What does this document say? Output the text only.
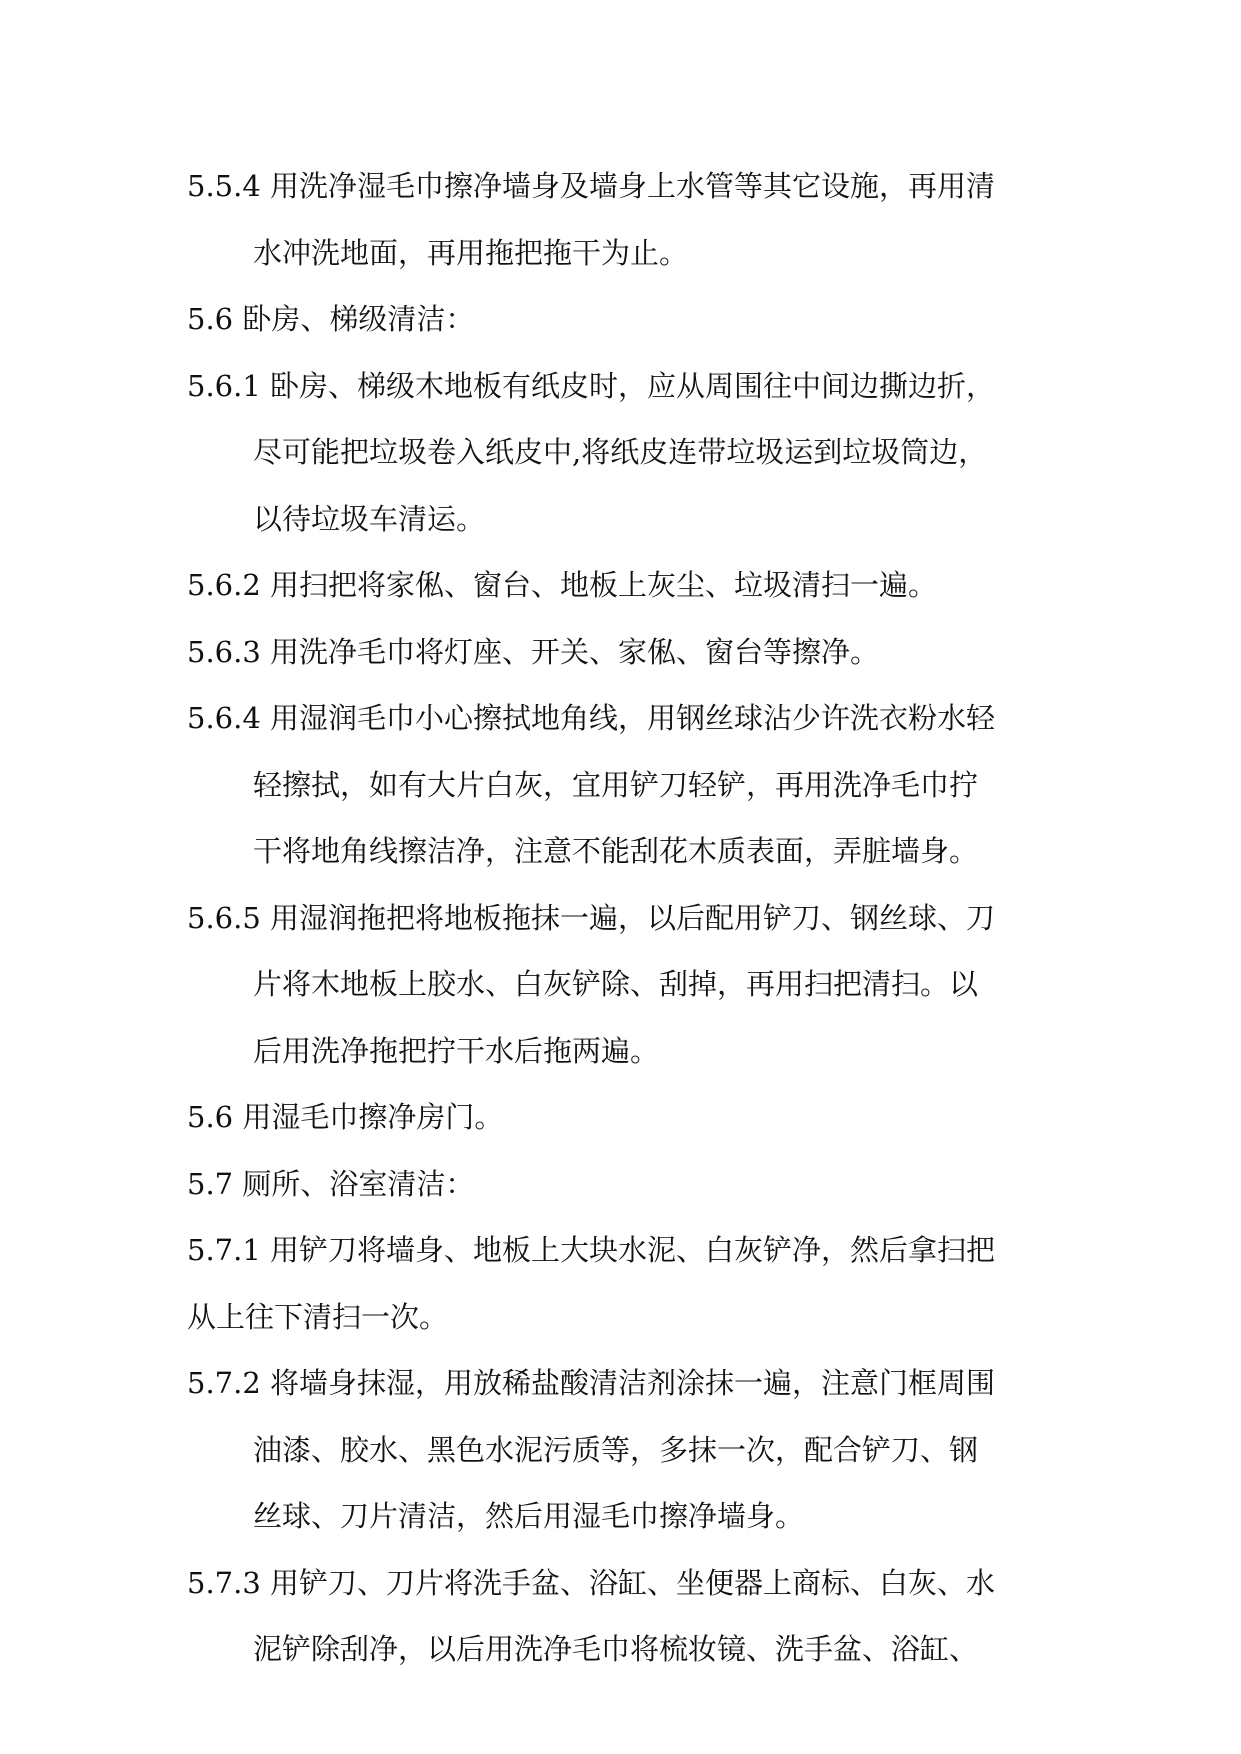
5.5.4 用洗净湿毛巾擦净墙身及墙身上水管等其它设施，再用清
水冲洗地面，再用拖把拖干为止。

5.6 卧房、梯级清洁：

5.6.1 卧房、梯级木地板有纸皮时，应从周围往中间边撕边折，
尽可能把垃圾卷入纸皮中,将纸皮连带垃圾运到垃圾筒边，
以待垃圾车清运。

5.6.2 用扫把将家俬、窗台、地板上灰尘、垃圾清扫一遍。

5.6.3 用洗净毛巾将灯座、开关、家俬、窗台等擦净。

5.6.4 用湿润毛巾小心擦拭地角线，用钢丝球沾少许洗衣粉水轻
轻擦拭，如有大片白灰，宜用铲刀轻铲，再用洗净毛巾拧
干将地角线擦洁净，注意不能刮花木质表面，弄脏墙身。

5.6.5 用湿润拖把将地板拖抹一遍，以后配用铲刀、钢丝球、刀
片将木地板上胶水、白灰铲除、刮掉，再用扫把清扫。以
后用洗净拖把拧干水后拖两遍。

5.6 用湿毛巾擦净房门。

5.7 厕所、浴室清洁：

5.7.1 用铲刀将墙身、地板上大块水泥、白灰铲净，然后拿扫把
从上往下清扫一次。

5.7.2 将墙身抹湿，用放稀盐酸清洁剂涂抹一遍，注意门框周围
油漆、胶水、黑色水泥污质等，多抹一次，配合铲刀、钢
丝球、刀片清洁，然后用湿毛巾擦净墙身。

5.7.3 用铲刀、刀片将洗手盆、浴缸、坐便器上商标、白灰、水
泥铲除刮净，以后用洗净毛巾将梳妆镜、洗手盆、浴缸、
